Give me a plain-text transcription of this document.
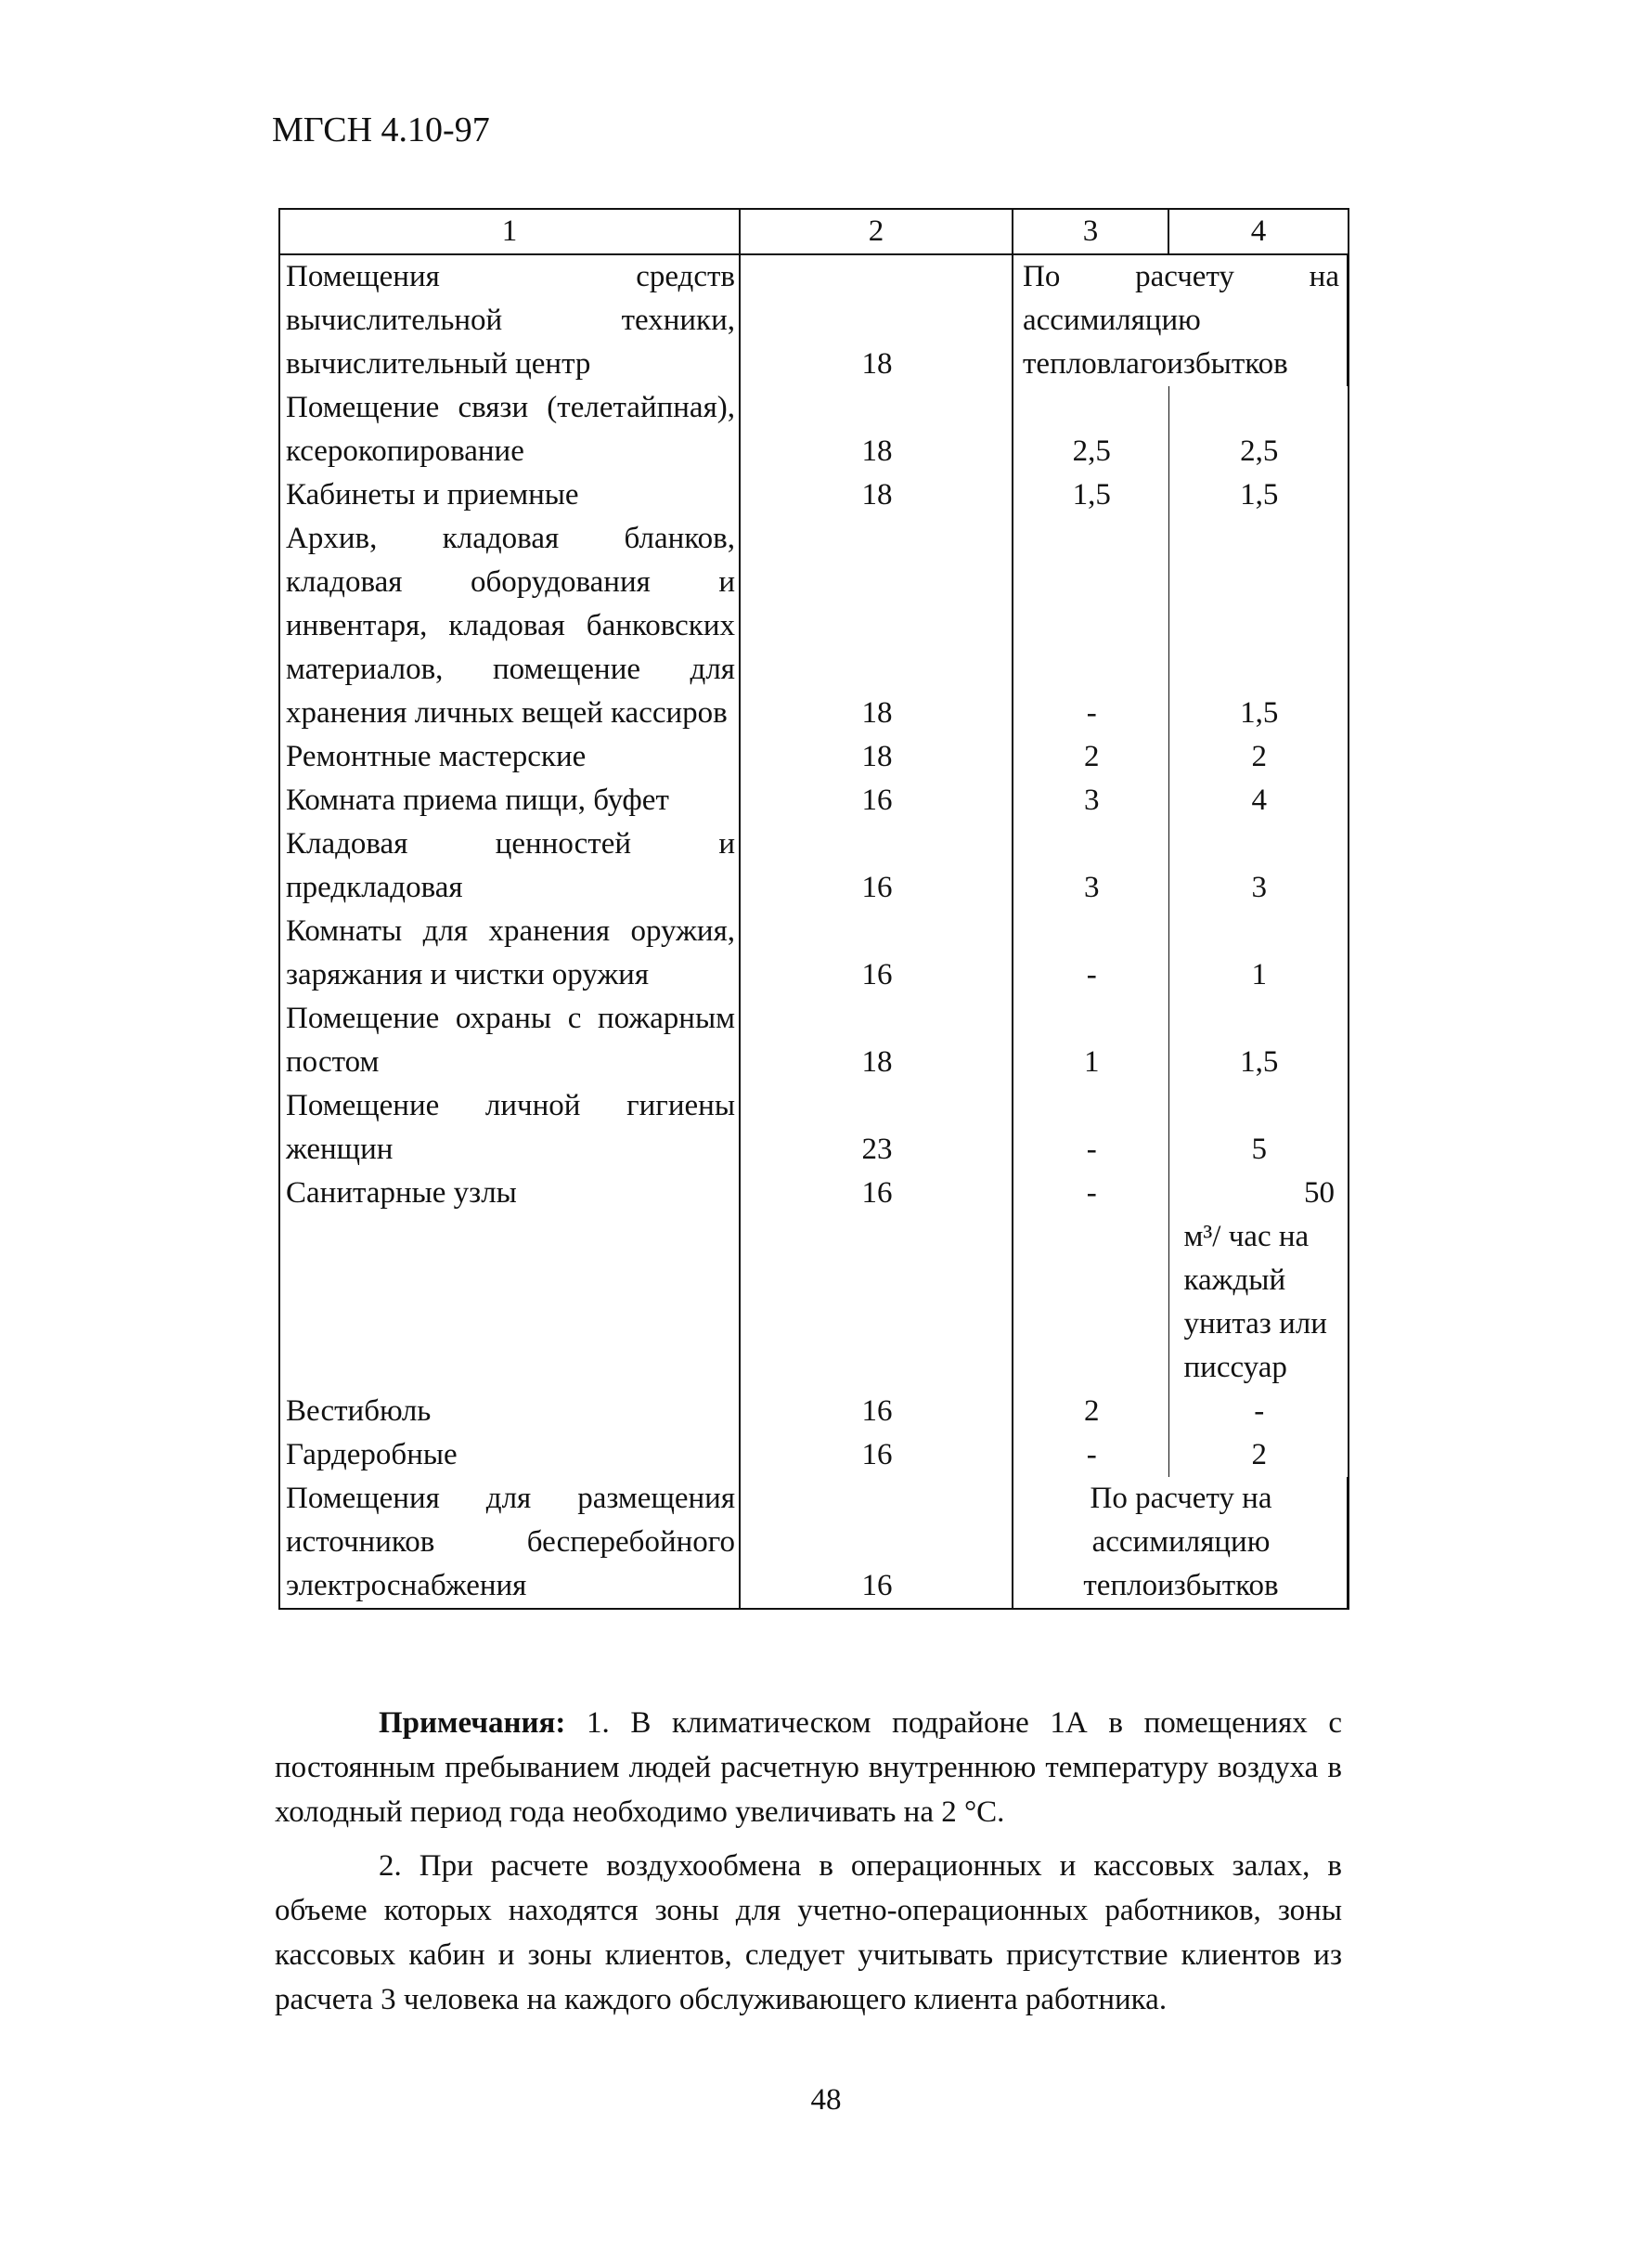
МГСН 4.10-97
1	2	3	4
Помещения средств вычислительной техники, вычислительный центр	18	По расчету на ассимиляцию тепловлагоизбытков	
Помещение связи (телетайпная), ксерокопирование	18	2,5	2,5
Кабинеты и приемные	18	1,5	1,5
Архив, кладовая бланков, кладовая оборудования и инвентаря, кладовая банковских материалов, помещение для хранения личных вещей кассиров	18	-	1,5
Ремонтные мастерские	18	2	2
Комната приема пищи, буфет	16	3	4
Кладовая ценностей и предкладовая	16	3	3
Комнаты для хранения оружия, заряжания и чистки оружия	16	-	1
Помещение охраны с пожарным постом	18	1	1,5
Помещение личной гигиены женщин	23	-	5
Санитарные узлы	16	-	50
м³/ час на каждый унитаз или писсуар
Вестибюль	16	2	-
Гардеробные	16	-	2
Помещения для размещения источников бесперебойного электроснабжения	16	По расчету на ассимиляцию теплоизбытков	

Примечания: 1. В климатическом подрайоне 1А в помещениях с постоянным пребыванием людей расчетную внутреннюю температуру воздуха в холодный период года необходимо увеличивать на 2 °С.

2. При расчете воздухообмена в операционных и кассовых залах, в объеме которых находятся зоны для учетно-операционных работников, зоны кассовых кабин и зоны клиентов, следует учитывать присутствие клиентов из расчета 3 человека на каждого обслуживающего клиента работника.

48
